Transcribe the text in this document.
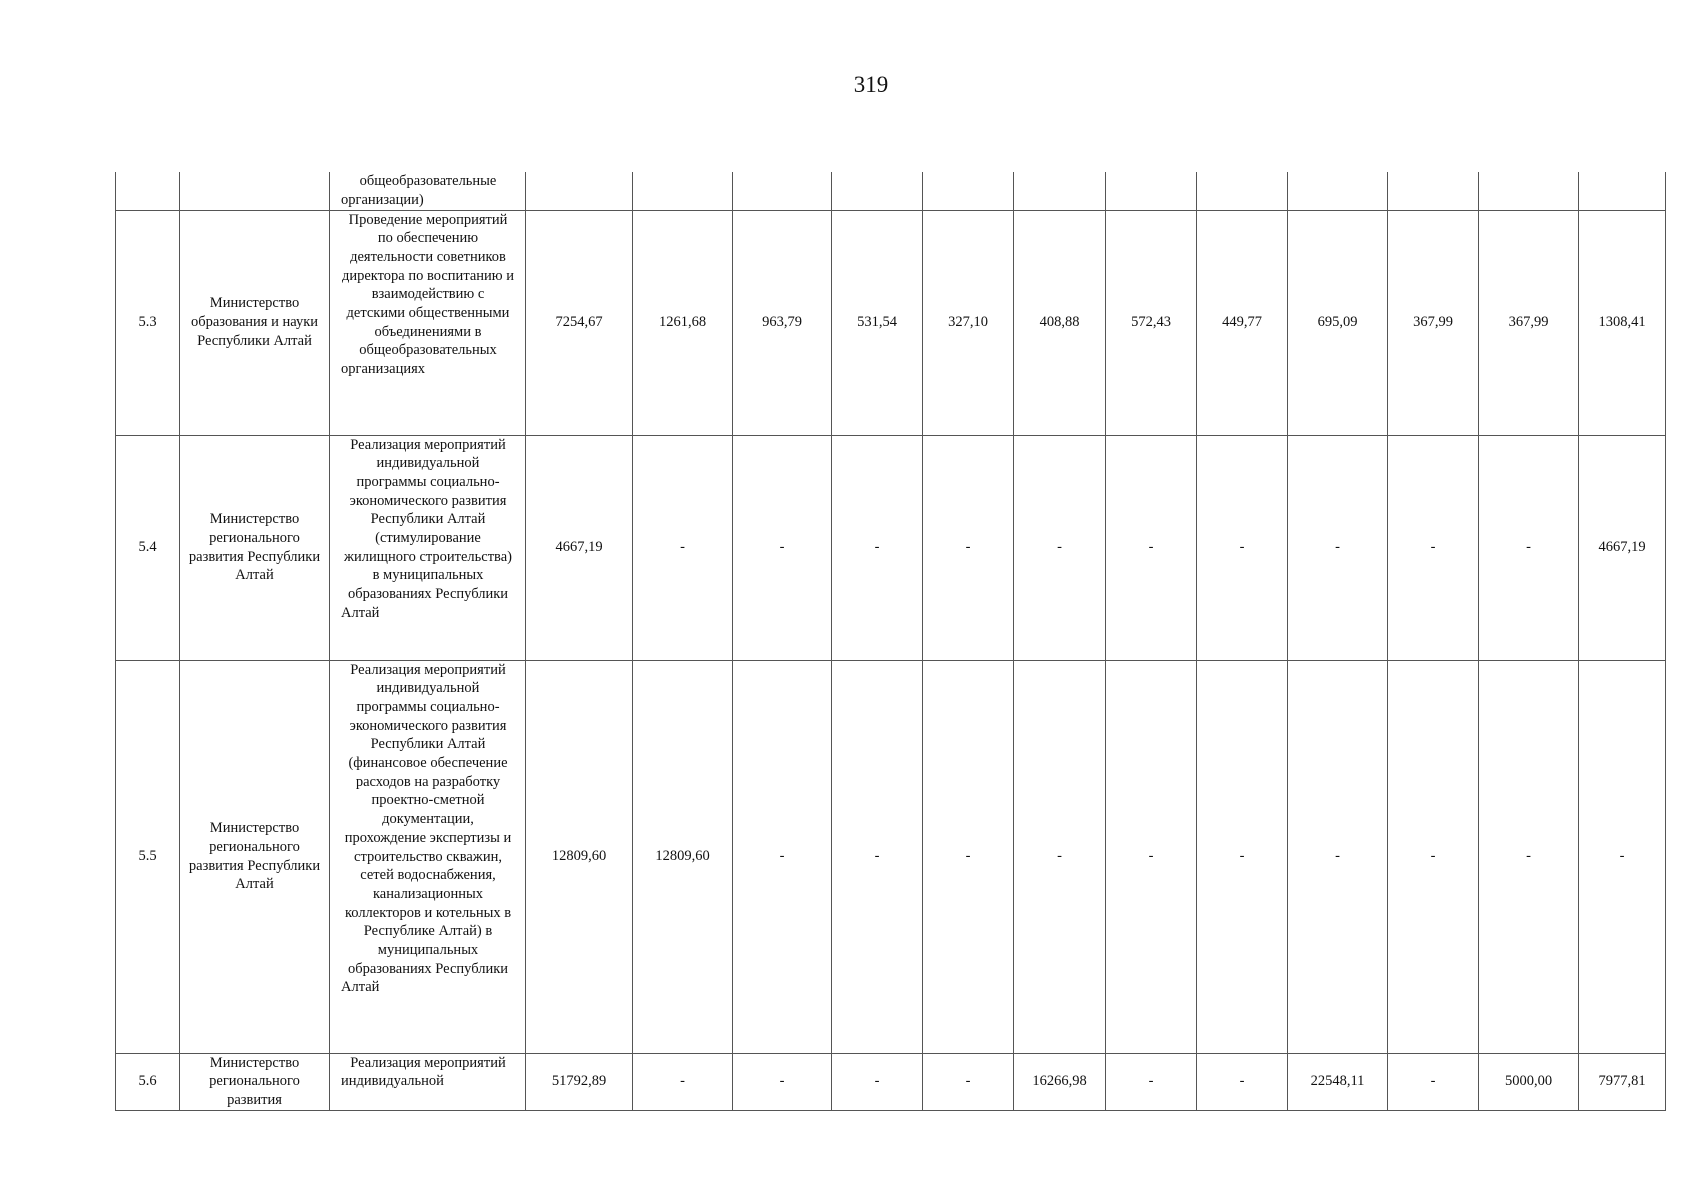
319
		общеобразовательные организации)												
5.3	Министерство образования и науки Республики Алтай	Проведение мероприятий по обеспечению деятельности советников директора по воспитанию и взаимодействию с детскими общественными объединениями в общеобразовательных организациях	7254,67	1261,68	963,79	531,54	327,10	408,88	572,43	449,77	695,09	367,99	367,99	1308,41
5.4	Министерство регионального развития Республики Алтай	Реализация мероприятий индивидуальной программы социально-экономического развития Республики Алтай (стимулирование жилищного строительства) в муниципальных образованиях Республики Алтай	4667,19	-	-	-	-	-	-	-	-	-	-	4667,19
5.5	Министерство регионального развития Республики Алтай	Реализация мероприятий индивидуальной программы социально-экономического развития Республики Алтай (финансовое обеспечение расходов на разработку проектно-сметной документации, прохождение экспертизы и строительство скважин, сетей водоснабжения, канализационных коллекторов и котельных в Республике Алтай) в муниципальных образованиях Республики Алтай	12809,60	12809,60	-	-	-	-	-	-	-	-	-	-
5.6	Министерство регионального развития	Реализация мероприятий индивидуальной	51792,89	-	-	-	-	16266,98	-	-	22548,11	-	5000,00	7977,81
